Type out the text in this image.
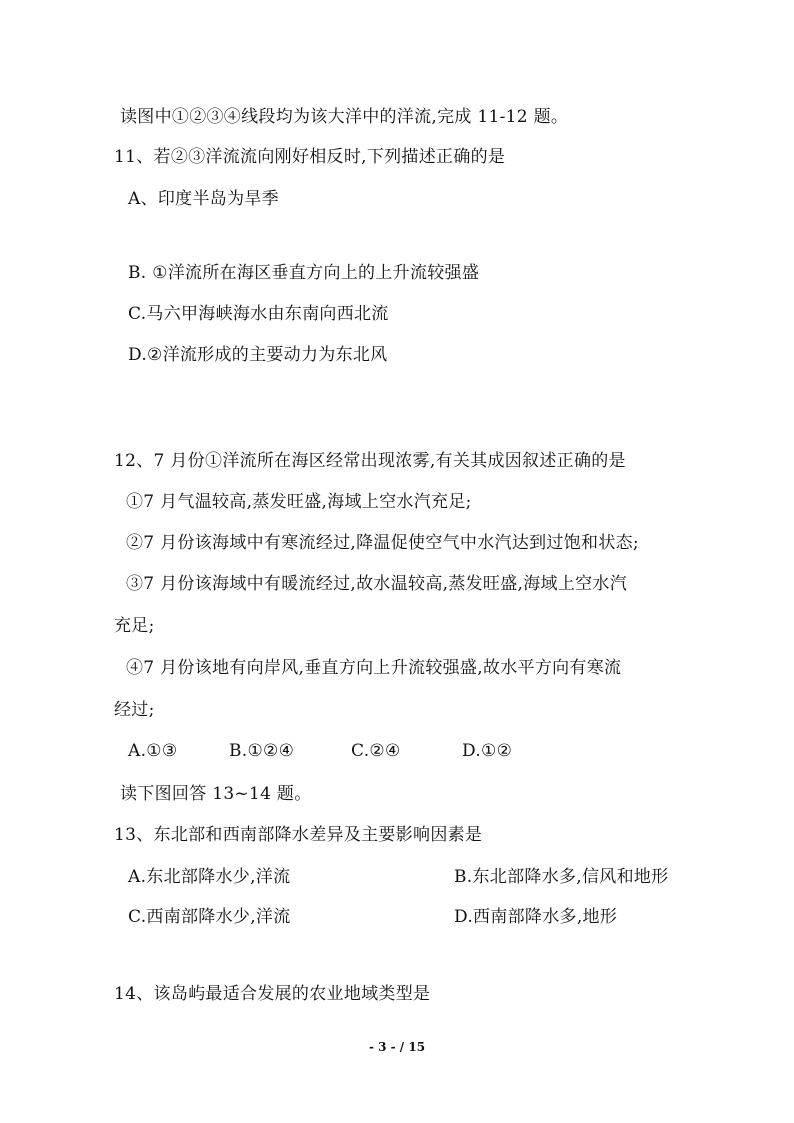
读图中①②③④线段均为该大洋中的洋流,完成 11-12 题。
11、若②③洋流流向刚好相反时,下列描述正确的是
A、印度半岛为旱季
B. ①洋流所在海区垂直方向上的上升流较强盛
C.马六甲海峡海水由东南向西北流
D.②洋流形成的主要动力为东北风
12、7 月份①洋流所在海区经常出现浓雾,有关其成因叙述正确的是
①7 月气温较高,蒸发旺盛,海域上空水汽充足;
②7 月份该海域中有寒流经过,降温促使空气中水汽达到过饱和状态;
③7 月份该海域中有暖流经过,故水温较高,蒸发旺盛,海域上空水汽
充足;
④7 月份该地有向岸风,垂直方向上升流较强盛,故水平方向有寒流
经过;
A.①③	B.①②④	C.②④	D.①②
读下图回答 13~14 题。
13、东北部和西南部降水差异及主要影响因素是
A.东北部降水少,洋流	B.东北部降水多,信风和地形
C.西南部降水少,洋流	D.西南部降水多,地形
14、该岛屿最适合发展的农业地域类型是
- 3 - / 15
